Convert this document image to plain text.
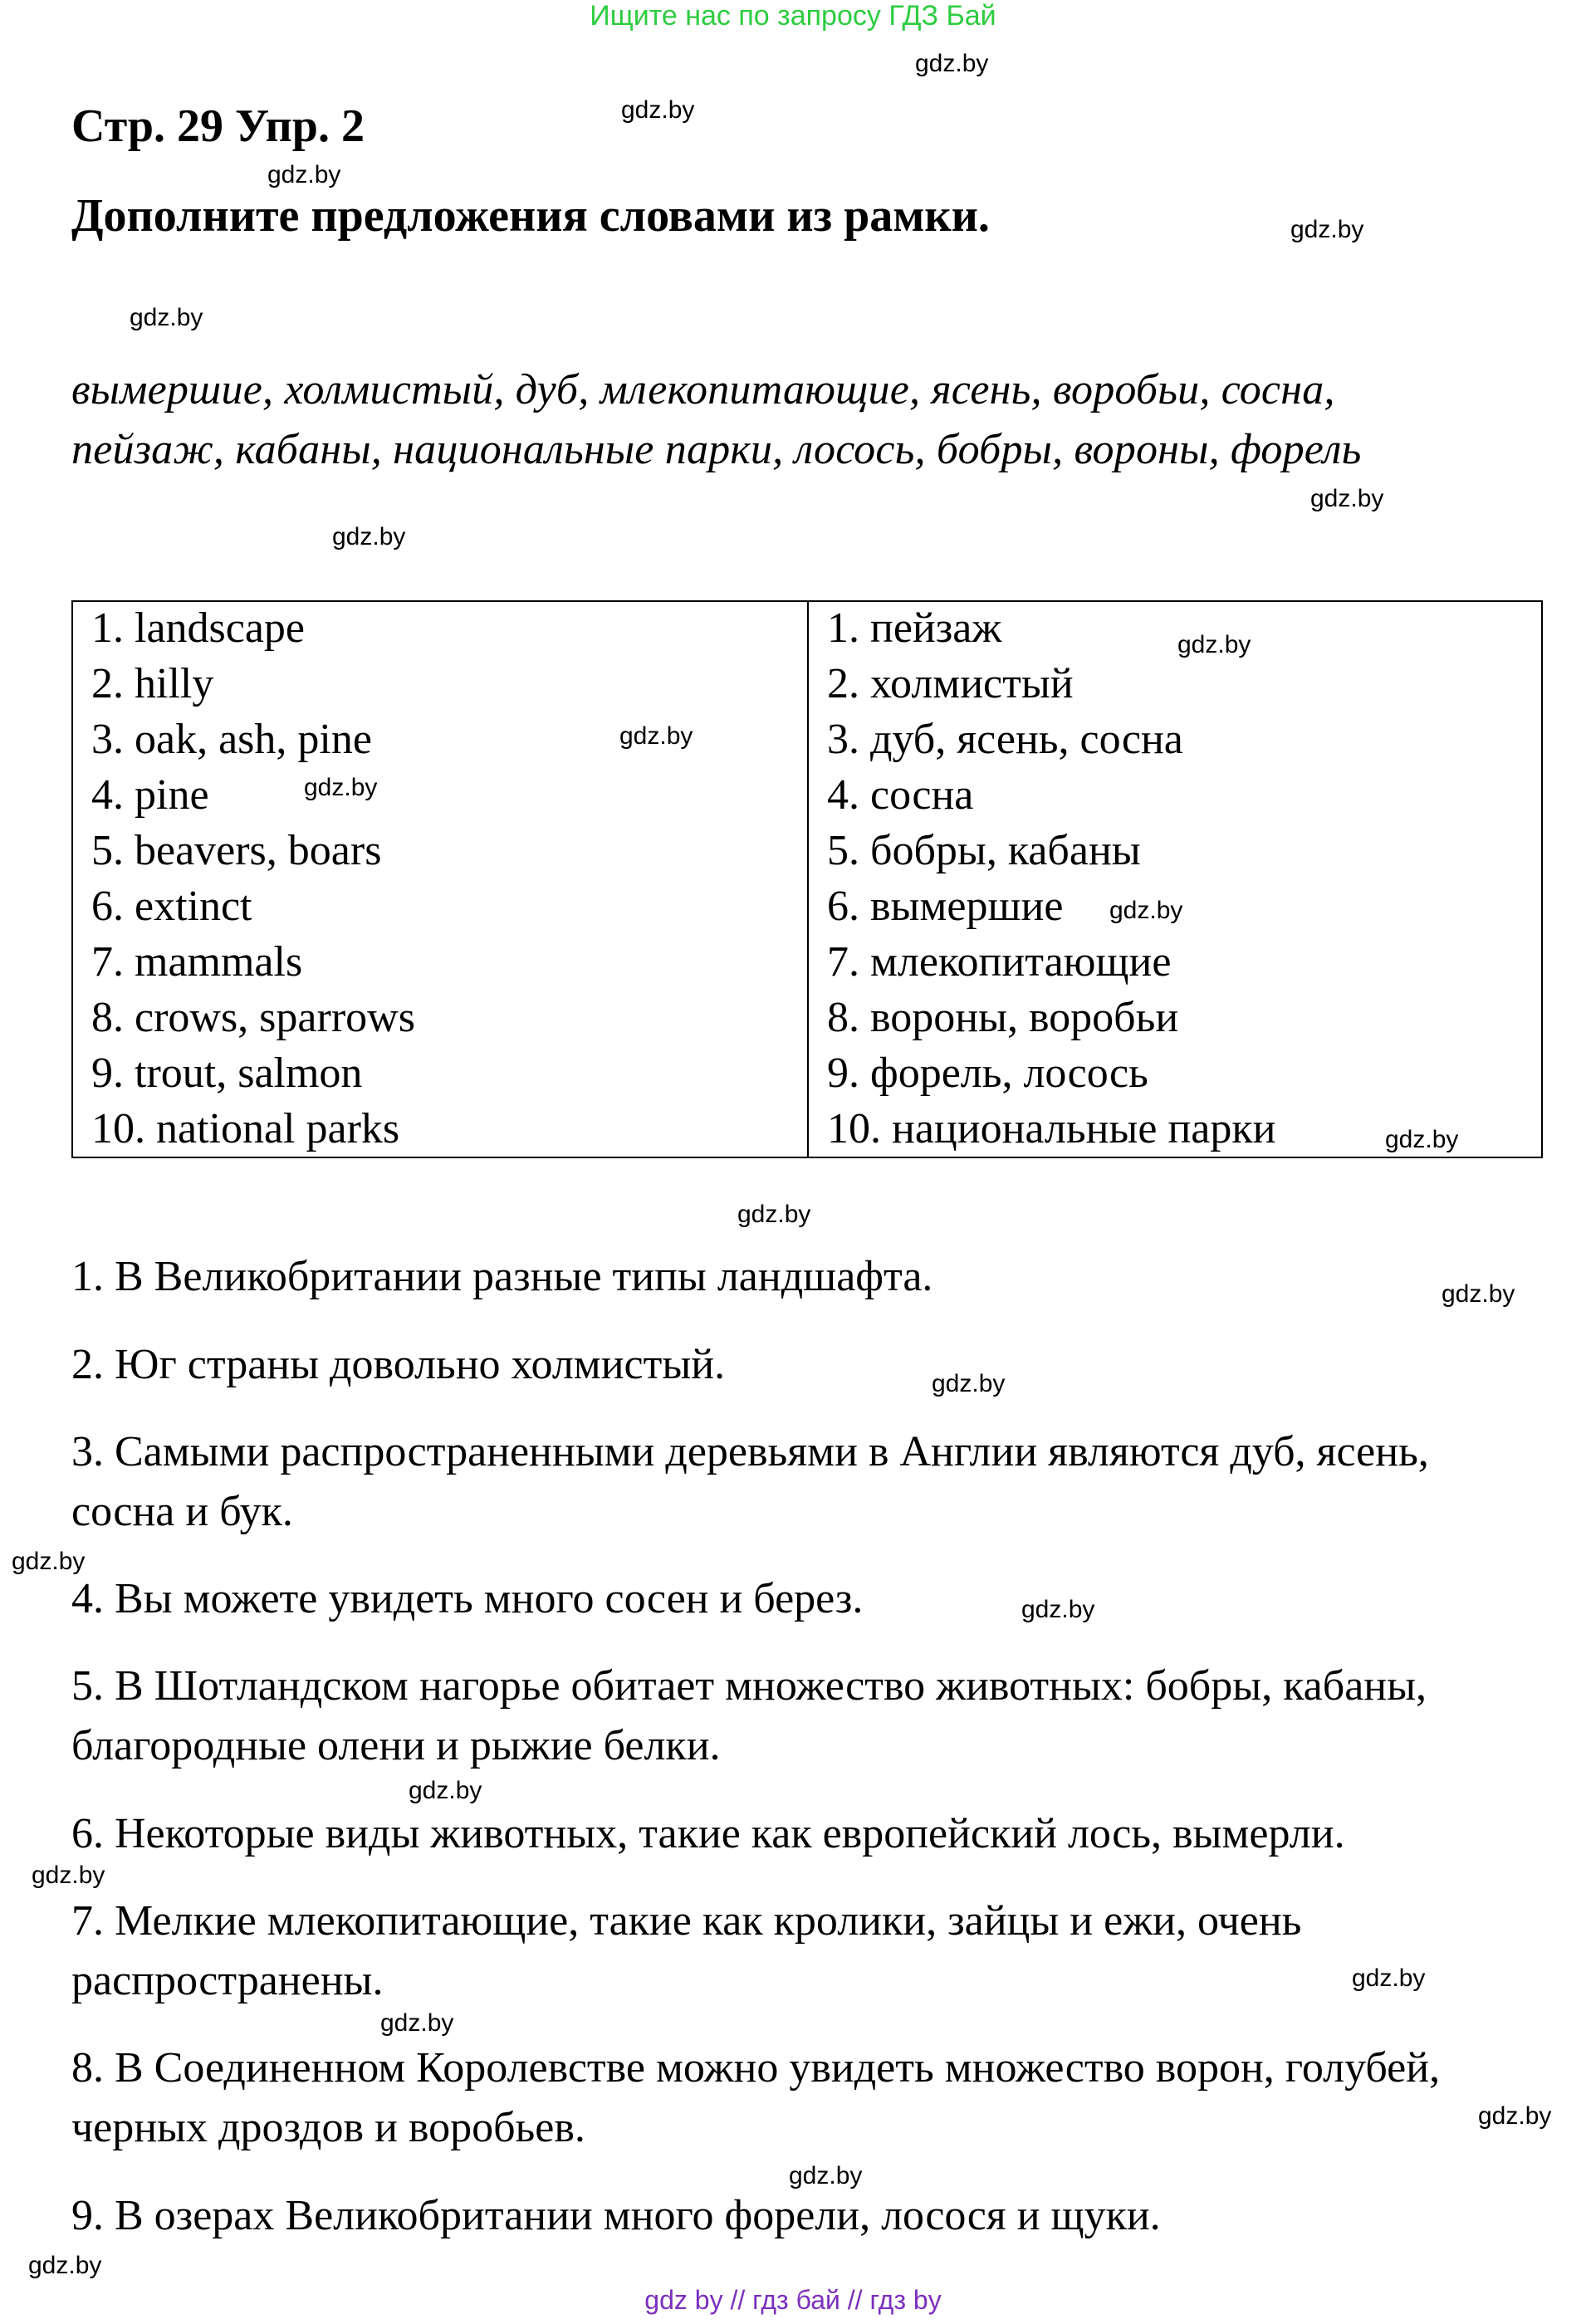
Ищите нас по запросу ГДЗ Бай
Стр. 29 Упр. 2
Дополните предложения словами из рамки.
вымершие, холмистый, дуб, млекопитающие, ясень, воробьи, сосна,
пейзаж, кабаны, национальные парки, лосось, бобры, вороны, форель
1. landscape
2. hilly
3. oak, ash, pine
4. pine
5. beavers, boars
6. extinct
7. mammals
8. crows, sparrows
9. trout, salmon
10. national parks
1. пейзаж
2. холмистый
3. дуб, ясень, сосна
4. сосна
5. бобры, кабаны
6. вымершие
7. млекопитающие
8. вороны, воробьи
9. форель, лосось
10. национальные парки
1. В Великобритании разные типы ландшафта.
2. Юг страны довольно холмистый.
3. Самыми распространенными деревьями в Англии являются дуб, ясень, сосна и бук.
4. Вы можете увидеть много сосен и берез.
5. В Шотландском нагорье обитает множество животных: бобры, кабаны, благородные олени и рыжие белки.
6. Некоторые виды животных, такие как европейский лось, вымерли.
7. Мелкие млекопитающие, такие как кролики, зайцы и ежи, очень распространены.
8. В Соединенном Королевстве можно увидеть множество ворон, голубей, черных дроздов и воробьев.
9. В озерах Великобритании много форели, лосося и щуки.
gdz.by
gdz.by
gdz.by
gdz.by
gdz.by
gdz.by
gdz.by
gdz.by
gdz.by
gdz.by
gdz.by
gdz.by
gdz.by
gdz.by
gdz.by
gdz.by
gdz.by
gdz.by
gdz.by
gdz.by
gdz.by
gdz.by
gdz.by
gdz.by
gdz by // гдз бай // гдз by
